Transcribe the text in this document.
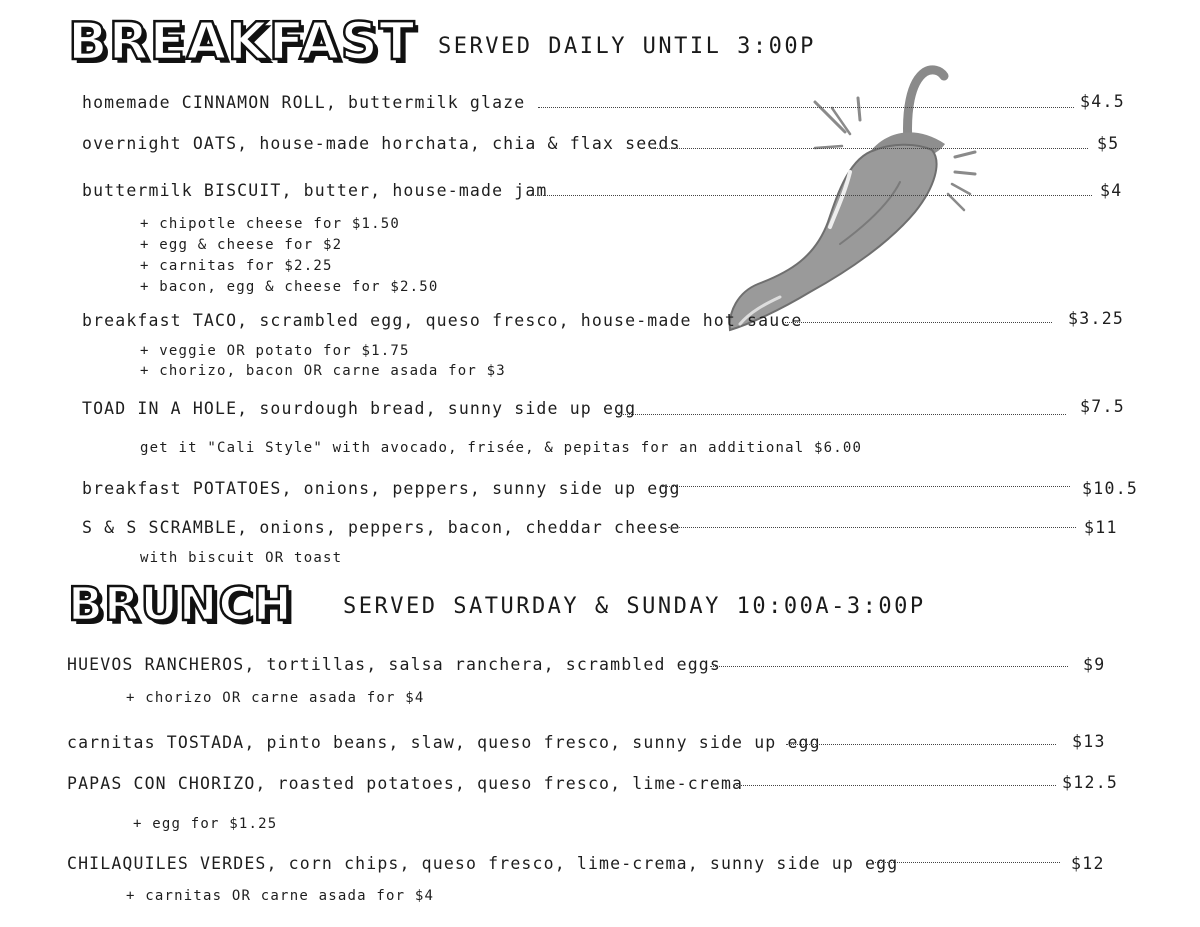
BREAKFAST SERVED DAILY UNTIL 3:00P
homemade CINNAMON ROLL, buttermilk glaze	$4.5
overnight OATS, house-made horchata, chia & flax seeds	$5
buttermilk BISCUIT, butter, house-made jam	$4
+ chipotle cheese for $1.50
+ egg & cheese for $2
+ carnitas for $2.25
+ bacon, egg & cheese for $2.50
breakfast TACO, scrambled egg, queso fresco, house-made hot sauce	$3.25
+ veggie OR potato for $1.75
+ chorizo, bacon OR carne asada for $3
TOAD IN A HOLE, sourdough bread, sunny side up egg	$7.5
get it "Cali Style" with avocado, frisée, & pepitas for an additional $6.00
breakfast POTATOES, onions, peppers, sunny side up egg	$10.5
S & S SCRAMBLE, onions, peppers, bacon, cheddar cheese	$11
with biscuit OR toast
BRUNCH SERVED SATURDAY & SUNDAY 10:00A-3:00P
HUEVOS RANCHEROS, tortillas, salsa ranchera, scrambled eggs	$9
+ chorizo OR carne asada for $4
carnitas TOSTADA, pinto beans, slaw, queso fresco, sunny side up egg	$13
PAPAS CON CHORIZO, roasted potatoes, queso fresco, lime-crema	$12.5
+ egg for $1.25
CHILAQUILES VERDES, corn chips, queso fresco, lime-crema, sunny side up egg	$12
+ carnitas OR carne asada for $4
